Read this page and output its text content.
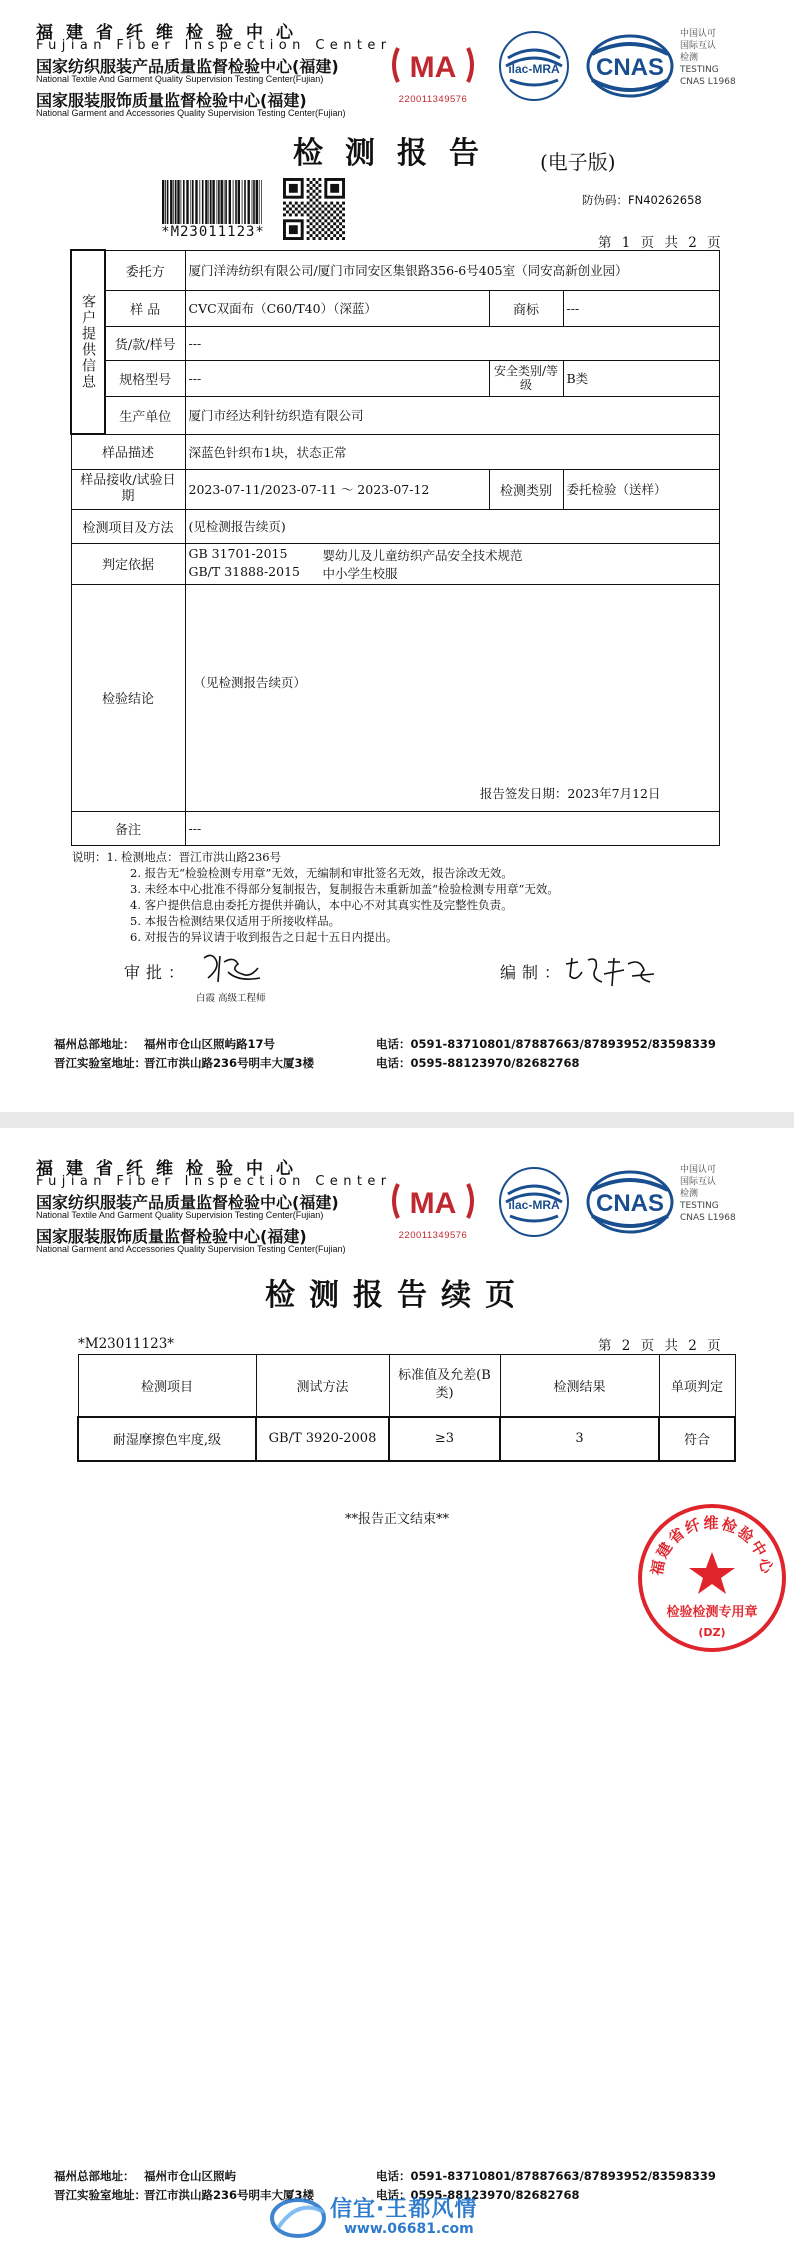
福建省纤维检验中心
Fujian Fiber Inspection Center
国家纺织服装产品质量监督检验中心(福建)
National Textile And Garment Quality Supervision Testing Center(Fujian)
国家服装服饰质量监督检验中心(福建)
National Garment and Accessories Quality Supervision Testing Center(Fujian)
MA
220011349576
ilac-MRA CNAS
中国认可
国际互认
检测
TESTING
CNAS L1968
检测报告	(电子版)
*M23011123*
防伪码：FN40262658
第 1 页 共 2 页
客户提供信息	委托方	厦门洋涛纺织有限公司/厦门市同安区集银路356-6号405室（同安高新创业园）		
	样 品	CVC双面布（C60/T40）（深蓝）	商标	---
	货/款/样号	---		
	规格型号	---	安全类别/等级	B类
	生产单位	厦门市经达利针纺织造有限公司		
样品描述		深蓝色针织布1块，状态正常		
样品接收/试验日期		2023-07-11/2023-07-11 ～ 2023-07-12	检测类别	委托检验（送样）
检测项目及方法		(见检测报告续页)		
判定依据		GB 31701-2015 婴幼儿及儿童纺织产品安全技术规范
GB/T 31888-2015 中小学生校服		

检验结论		（见检测报告续页）
报告签发日期：2023年7月12日		

备注		---		
说明：1. 检测地点：晋江市洪山路236号
2. 报告无“检验检测专用章”无效，无编制和审批签名无效，报告涂改无效。
3. 未经本中心批准不得部分复制报告，复制报告未重新加盖“检验检测专用章”无效。
4. 客户提供信息由委托方提供并确认，本中心不对其真实性及完整性负责。
5. 本报告检测结果仅适用于所接收样品。
6. 对报告的异议请于收到报告之日起十五日内提出。
审批：
白霞 高级工程师
编制：
福州总部地址： 福州市仓山区照屿路17号	电话：0591-83710801/87887663/87893952/83598339
晋江实验室地址：晋江市洪山路236号明丰大厦3楼	电话：0595-88123970/82682768
福建省纤维检验中心
Fujian Fiber Inspection Center
国家纺织服装产品质量监督检验中心(福建)
National Textile And Garment Quality Supervision Testing Center(Fujian)
国家服装服饰质量监督检验中心(福建)
National Garment and Accessories Quality Supervision Testing Center(Fujian)
MA
220011349576
ilac-MRA CNAS
中国认可
国际互认
检测
TESTING
CNAS L1968
检测报告续页
*M23011123*	第 2 页 共 2 页
检测项目	测试方法	标准值及允差(B类)	检测结果	单项判定
耐湿摩擦色牢度,级	GB/T 3920-2008	≥3	3	符合
**报告正文结束**
福建省纤维检验中心
检验检测专用章
(DZ)
福州总部地址： 福州市仓山区照屿	电话：0591-83710801/87887663/87893952/83598339
晋江实验室地址：晋江市洪山路236号明丰大厦3楼	电话：0595-88123970/82682768
信宜·王都风情
www.06681.com
